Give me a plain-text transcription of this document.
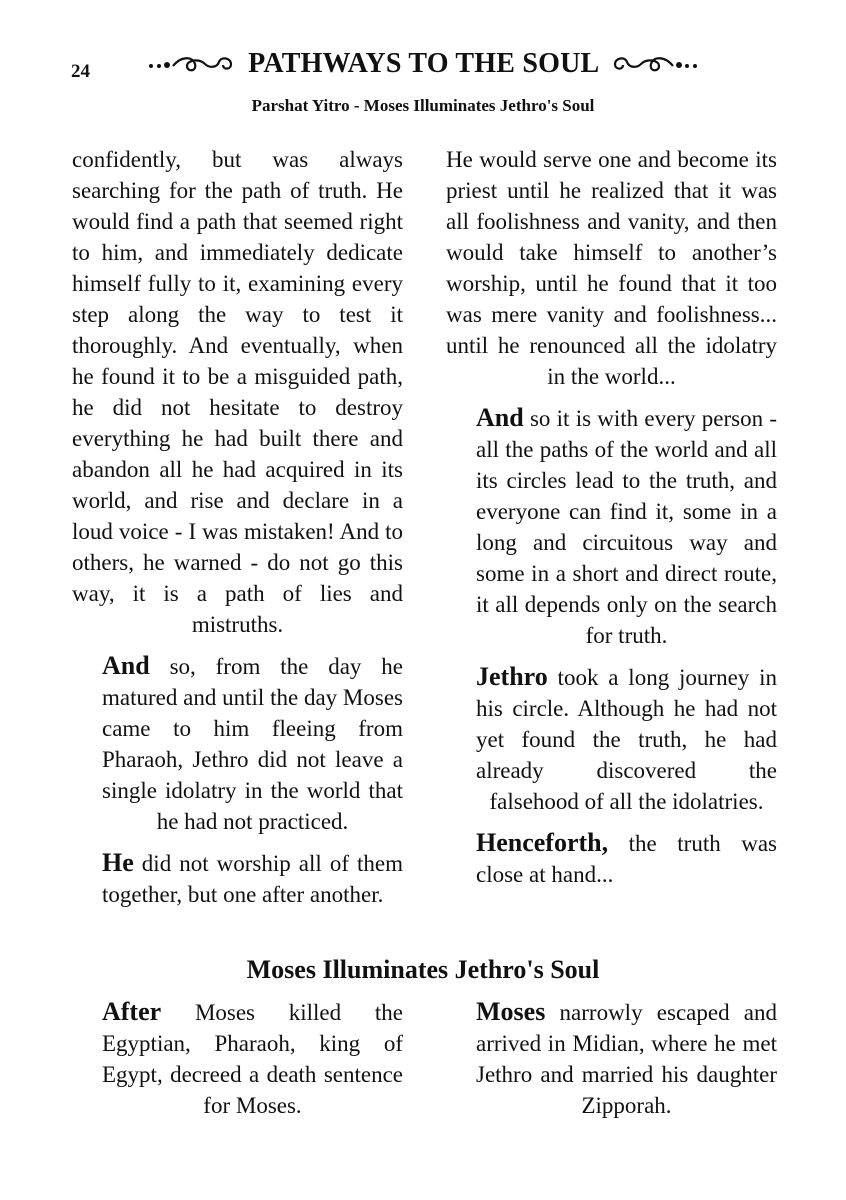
24	PATHWAYS TO THE SOUL
Parshat Yitro - Moses Illuminates Jethro's Soul

confidently, but was always searching for the path of truth. He would find a path that seemed right to him, and immediately dedicate himself fully to it, examining every step along the way to test it thoroughly. And eventually, when he found it to be a misguided path, he did not hesitate to destroy everything he had built there and abandon all he had acquired in its world, and rise and declare in a loud voice - I was mistaken! And to others, he warned - do not go this way, it is a path of lies and mistruths.

And so, from the day he matured and until the day Moses came to him fleeing from Pharaoh, Jethro did not leave a single idolatry in the world that he had not practiced.

He did not worship all of them together, but one after another.

He would serve one and become its priest until he realized that it was all foolishness and vanity, and then would take himself to another’s worship, until he found that it too was mere vanity and foolishness... until he renounced all the idolatry in the world...

And so it is with every person - all the paths of the world and all its circles lead to the truth, and everyone can find it, some in a long and circuitous way and some in a short and direct route, it all depends only on the search for truth.

Jethro took a long journey in his circle. Although he had not yet found the truth, he had already discovered the falsehood of all the idolatries.

Henceforth, the truth was close at hand...

Moses Illuminates Jethro's Soul

After Moses killed the Egyptian, Pharaoh, king of Egypt, decreed a death sentence for Moses.

Moses narrowly escaped and arrived in Midian, where he met Jethro and married his daughter Zipporah.
